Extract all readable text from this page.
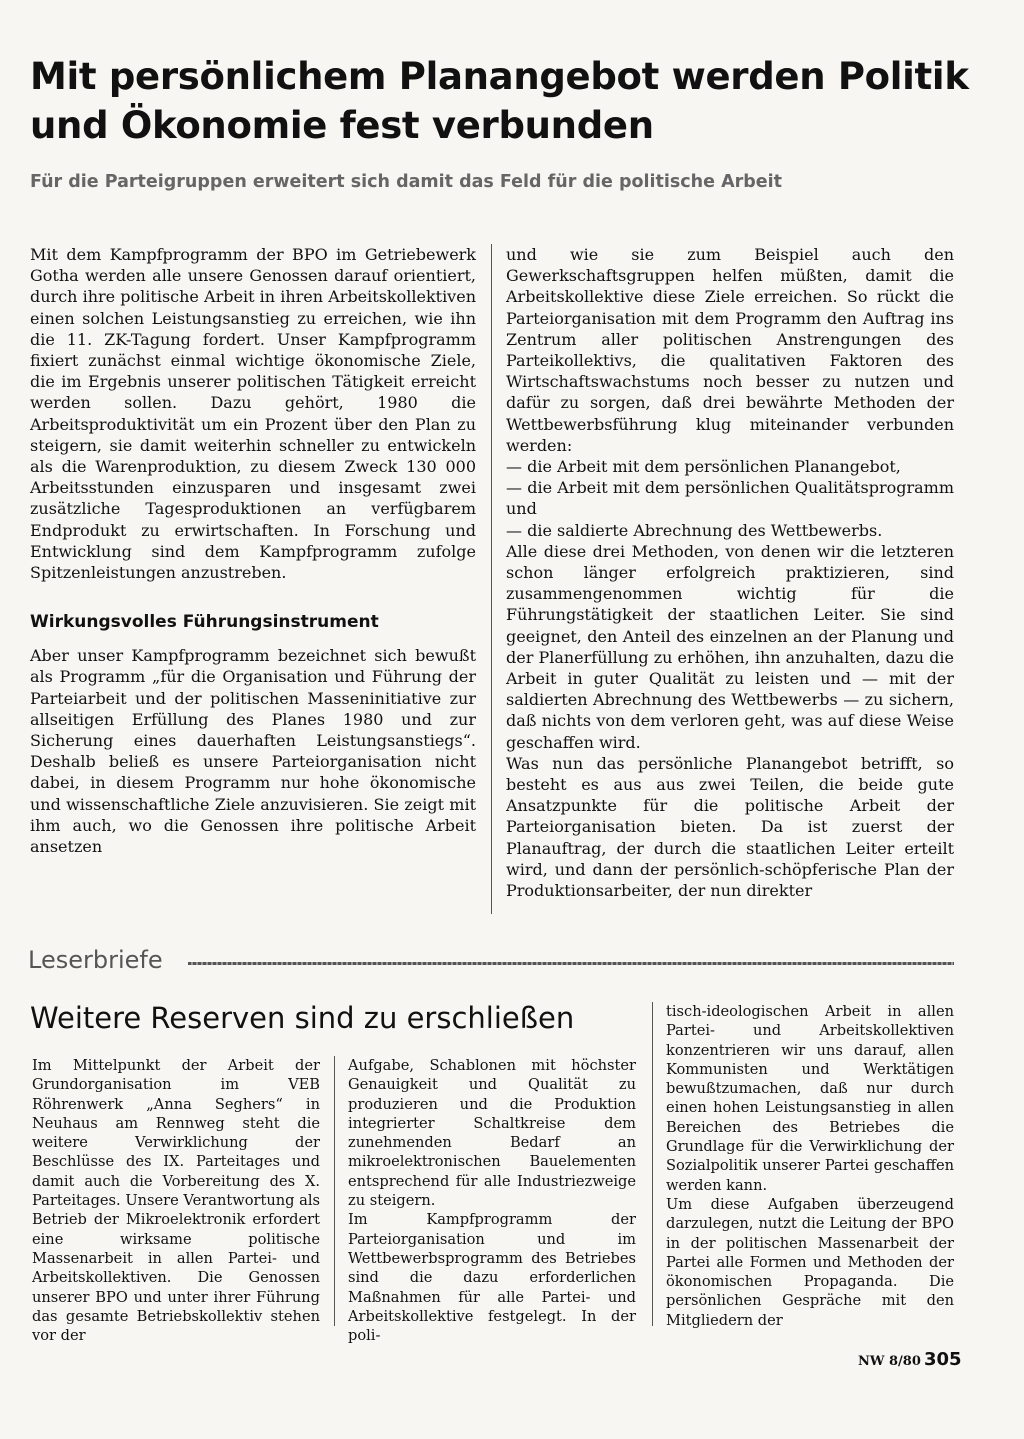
Mit persönlichem Planangebot werden Politik und Ökonomie fest verbunden

Für die Parteigruppen erweitert sich damit das Feld für die politische Arbeit

Mit dem Kampfprogramm der BPO im Getriebewerk Gotha werden alle unsere Genossen darauf orientiert, durch ihre politische Arbeit in ihren Arbeitskollektiven einen solchen Leistungsanstieg zu erreichen, wie ihn die 11. ZK-Tagung fordert. Unser Kampfprogramm fixiert zunächst einmal wichtige ökonomische Ziele, die im Ergebnis unserer politischen Tätigkeit erreicht werden sollen. Dazu gehört, 1980 die Arbeitsproduktivität um ein Prozent über den Plan zu steigern, sie damit weiterhin schneller zu entwickeln als die Warenproduktion, zu diesem Zweck 130 000 Arbeitsstunden einzusparen und insgesamt zwei zusätzliche Tagesproduktionen an verfügbarem Endprodukt zu erwirtschaften. In Forschung und Entwicklung sind dem Kampfprogramm zufolge Spitzenleistungen anzustreben.

Wirkungsvolles Führungsinstrument

Aber unser Kampfprogramm bezeichnet sich bewußt als Programm „für die Organisation und Führung der Parteiarbeit und der politischen Masseninitiative zur allseitigen Erfüllung des Planes 1980 und zur Sicherung eines dauerhaften Leistungsanstiegs“. Deshalb beließ es unsere Parteiorganisation nicht dabei, in diesem Programm nur hohe ökonomische und wissenschaftliche Ziele anzuvisieren. Sie zeigt mit ihm auch, wo die Genossen ihre politische Arbeit ansetzen

und wie sie zum Beispiel auch den Gewerkschaftsgruppen helfen müßten, damit die Arbeitskollektive diese Ziele erreichen. So rückt die Parteiorganisation mit dem Programm den Auftrag ins Zentrum aller politischen Anstrengungen des Parteikollektivs, die qualitativen Faktoren des Wirtschaftswachstums noch besser zu nutzen und dafür zu sorgen, daß drei bewährte Methoden der Wettbewerbsführung klug miteinander verbunden werden:

— die Arbeit mit dem persönlichen Planangebot,

— die Arbeit mit dem persönlichen Qualitätsprogramm und

— die saldierte Abrechnung des Wettbewerbs.

Alle diese drei Methoden, von denen wir die letzteren schon länger erfolgreich praktizieren, sind zusammengenommen wichtig für die Führungstätigkeit der staatlichen Leiter. Sie sind geeignet, den Anteil des einzelnen an der Planung und der Planerfüllung zu erhöhen, ihn anzuhalten, dazu die Arbeit in guter Qualität zu leisten und — mit der saldierten Abrechnung des Wettbewerbs — zu sichern, daß nichts von dem verloren geht, was auf diese Weise geschaffen wird.

Was nun das persönliche Planangebot betrifft, so besteht es aus aus zwei Teilen, die beide gute Ansatzpunkte für die politische Arbeit der Parteiorganisation bieten. Da ist zuerst der Planauftrag, der durch die staatlichen Leiter erteilt wird, und dann der persönlich-schöpferische Plan der Produktionsarbeiter, der nun direkter

Leserbriefe
Weitere Reserven sind zu erschließen

Im Mittelpunkt der Arbeit der Grundorganisation im VEB Röhrenwerk „Anna Seghers“ in Neuhaus am Rennweg steht die weitere Verwirklichung der Beschlüsse des IX. Parteitages und damit auch die Vorbereitung des X. Parteitages. Unsere Verantwortung als Betrieb der Mikroelektronik erfordert eine wirksame politische Massenarbeit in allen Partei- und Arbeitskollektiven. Die Genossen unserer BPO und unter ihrer Führung das gesamte Betriebskollektiv stehen vor der

Aufgabe, Schablonen mit höchster Genauigkeit und Qualität zu produzieren und die Produktion integrierter Schaltkreise dem zunehmenden Bedarf an mikroelektronischen Bauelementen entsprechend für alle Industriezweige zu steigern.

Im Kampfprogramm der Parteiorganisation und im Wettbewerbsprogramm des Betriebes sind die dazu erforderlichen Maßnahmen für alle Partei- und Arbeitskollektive festgelegt. In der poli-

tisch-ideologischen Arbeit in allen Partei- und Arbeitskollektiven konzentrieren wir uns darauf, allen Kommunisten und Werktätigen bewußtzumachen, daß nur durch einen hohen Leistungsanstieg in allen Bereichen des Betriebes die Grundlage für die Verwirklichung der Sozialpolitik unserer Partei geschaffen werden kann.

Um diese Aufgaben überzeugend darzulegen, nutzt die Leitung der BPO in der politischen Massenarbeit der Partei alle Formen und Methoden der ökonomischen Propaganda. Die persönlichen Gespräche mit den Mitgliedern der

NW 8/80 305
